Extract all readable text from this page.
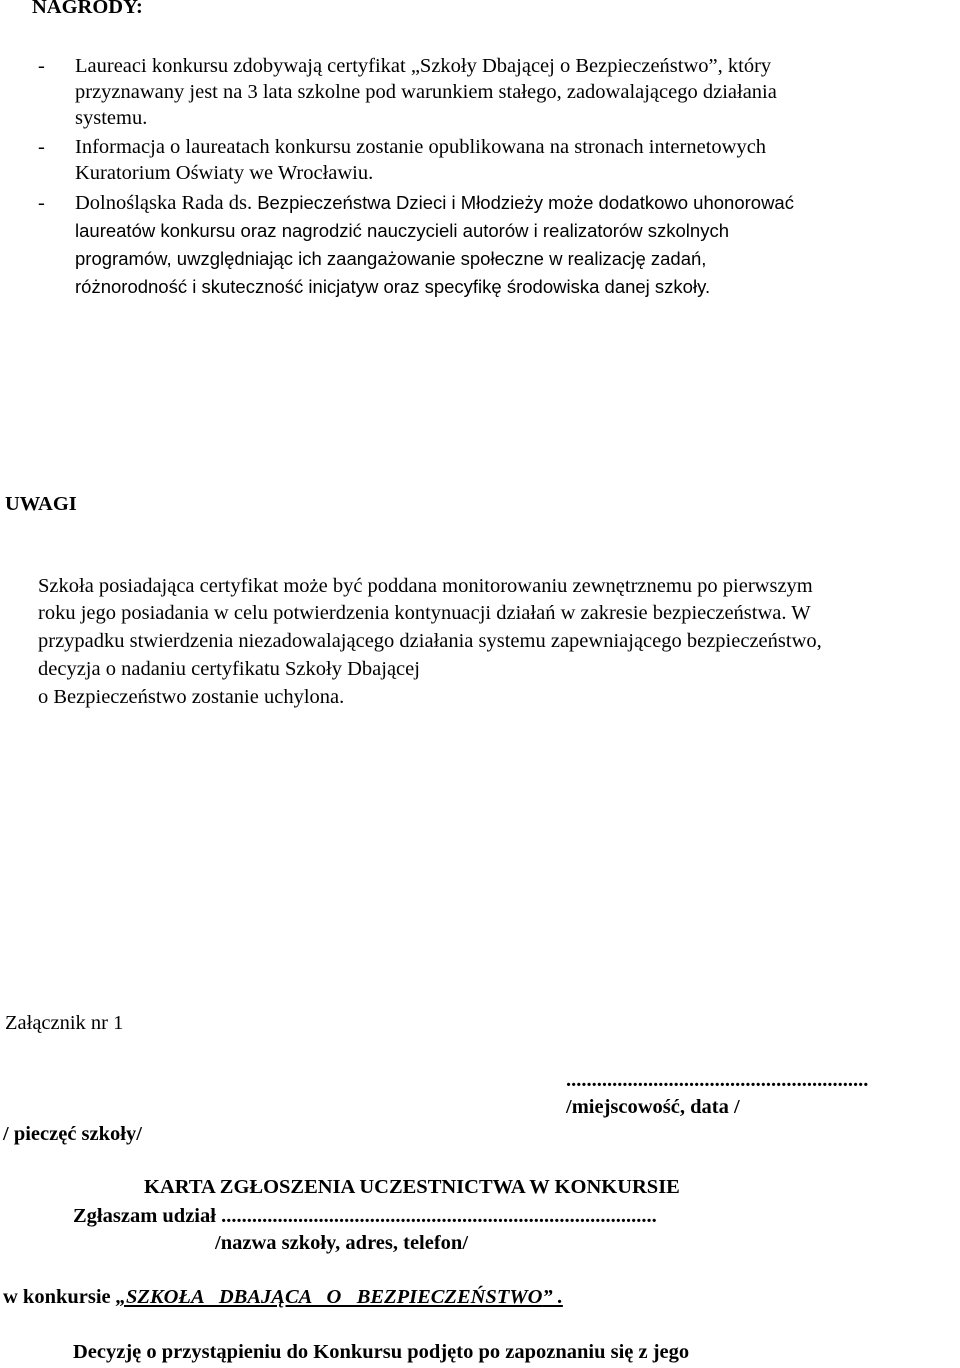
NAGRODY:
- Laureaci konkursu zdobywają certyfikat „Szkoły Dbającej o Bezpieczeństwo”, który
przyznawany jest na 3 lata szkolne pod warunkiem stałego, zadowalającego działania
systemu.
- Informacja o laureatach konkursu zostanie opublikowana na stronach internetowych
Kuratorium Oświaty we Wrocławiu.
- Dolnośląska Rada ds. Bezpieczeństwa Dzieci i Młodzieży może dodatkowo uhonorować
laureatów konkursu oraz nagrodzić nauczycieli autorów i realizatorów szkolnych
programów, uwzględniając ich zaangażowanie społeczne w realizację zadań,
różnorodność i skuteczność inicjatyw oraz specyfikę środowiska danej szkoły.
UWAGI
Szkoła posiadająca certyfikat może być poddana monitorowaniu zewnętrznemu po pierwszym
roku jego posiadania w celu potwierdzenia kontynuacji działań w zakresie bezpieczeństwa. W
przypadku stwierdzenia niezadowalającego działania systemu zapewniającego bezpieczeństwo,
decyzja o nadaniu certyfikatu Szkoły Dbającej
o Bezpieczeństwo zostanie uchylona.
Załącznik nr 1
...........................................................
/miejscowość, data /
/ pieczęć szkoły/
KARTA ZGŁOSZENIA UCZESTNICTWA W KONKURSIE
Zgłaszam udział .....................................................................................
/nazwa szkoły, adres, telefon/
w konkursie „SZKOŁA   DBAJĄCA   O   BEZPIECZEŃSTWO” .
Decyzję o przystąpieniu do Konkursu podjęto po zapoznaniu się z jego
